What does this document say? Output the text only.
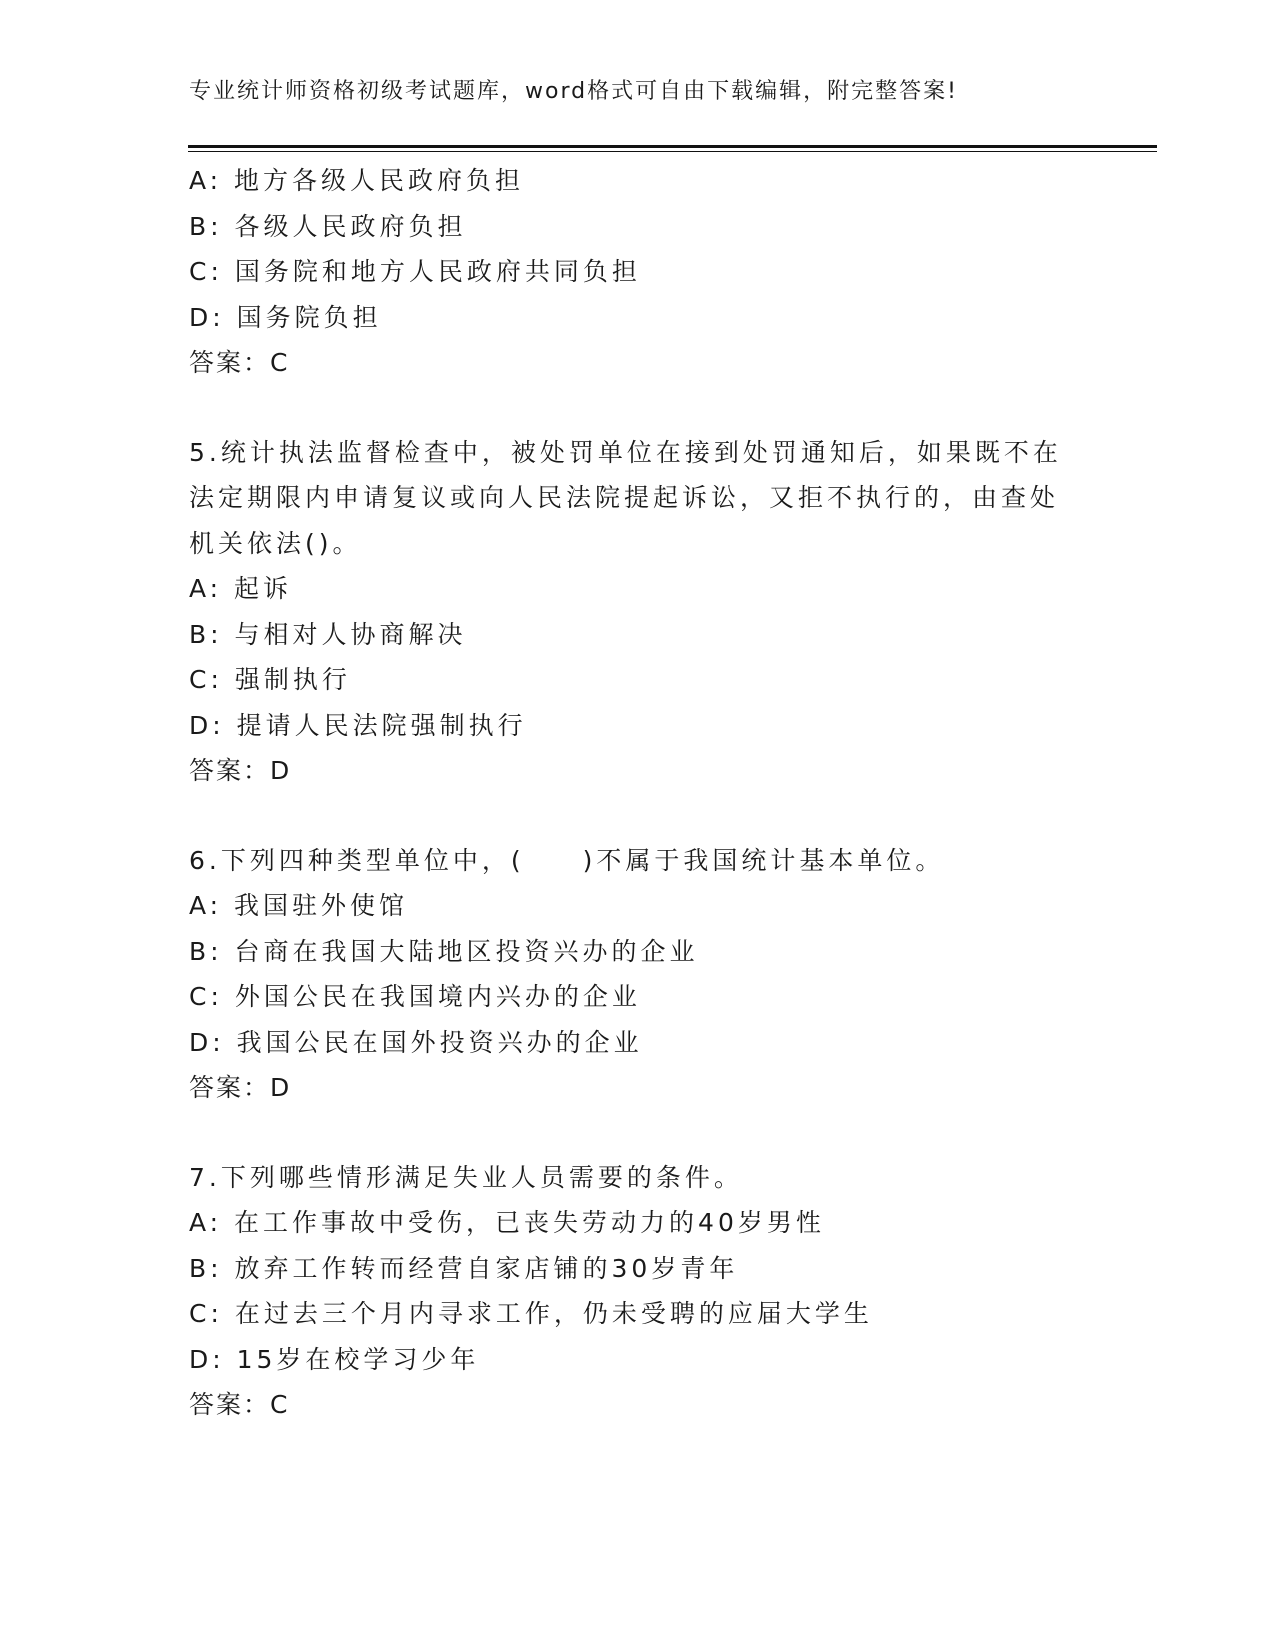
专业统计师资格初级考试题库，word格式可自由下载编辑，附完整答案!
A: 地方各级人民政府负担
B: 各级人民政府负担
C: 国务院和地方人民政府共同负担
D: 国务院负担
答案：C
5.统计执法监督检查中，被处罚单位在接到处罚通知后，如果既不在
法定期限内申请复议或向人民法院提起诉讼，又拒不执行的，由查处
机关依法()。
A: 起诉
B: 与相对人协商解决
C: 强制执行
D: 提请人民法院强制执行
答案：D
6.下列四种类型单位中，(　　)不属于我国统计基本单位。
A: 我国驻外使馆
B: 台商在我国大陆地区投资兴办的企业
C: 外国公民在我国境内兴办的企业
D: 我国公民在国外投资兴办的企业
答案：D
7.下列哪些情形满足失业人员需要的条件。
A: 在工作事故中受伤，已丧失劳动力的40岁男性
B: 放弃工作转而经营自家店铺的30岁青年
C: 在过去三个月内寻求工作，仍未受聘的应届大学生
D: 15岁在校学习少年
答案：C
